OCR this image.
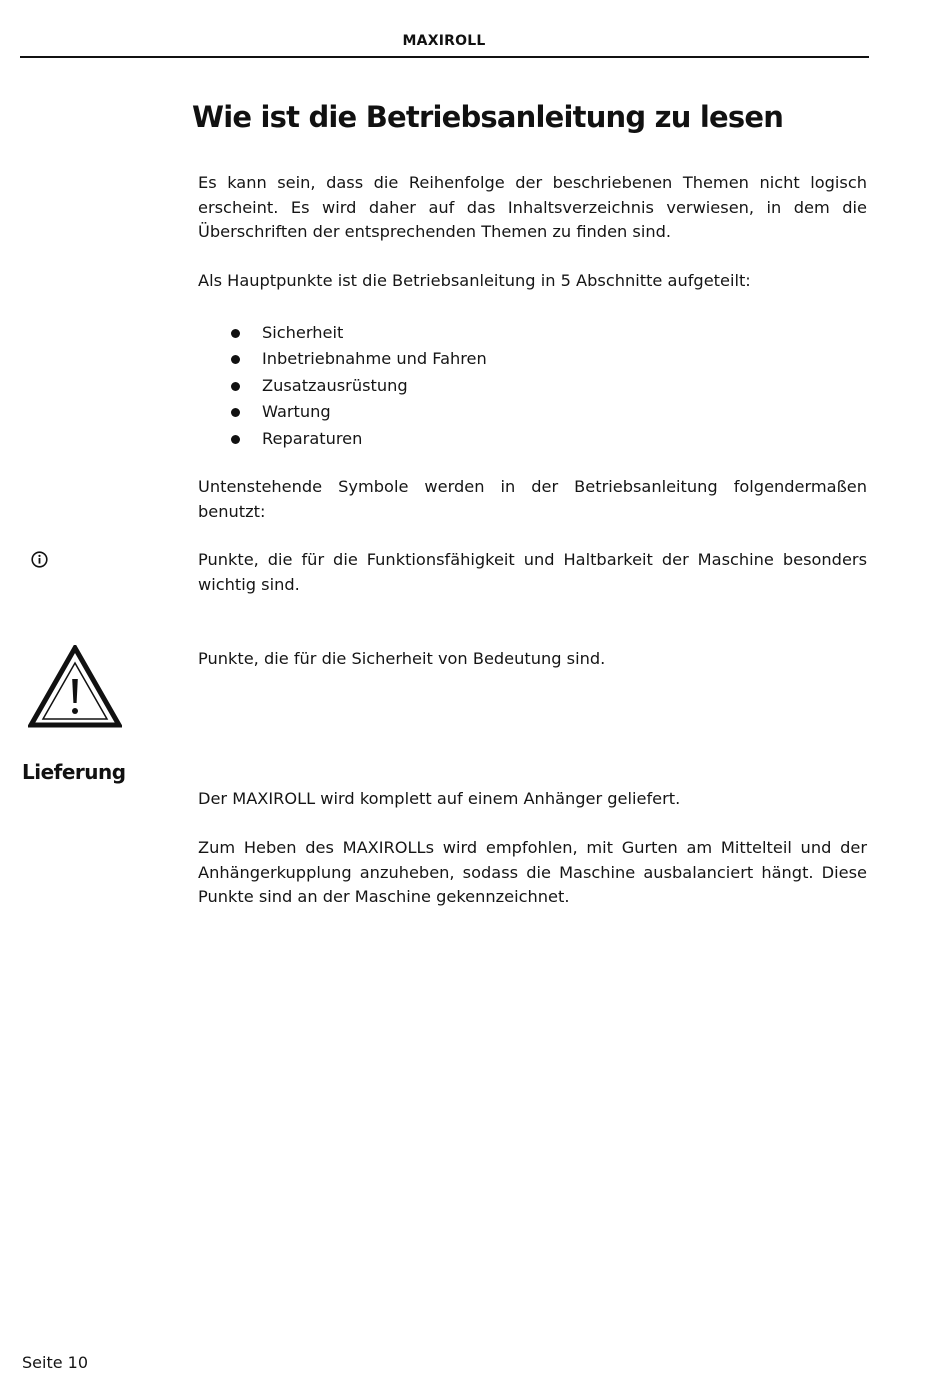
MAXIROLL
Wie ist die Betriebsanleitung zu lesen

Es kann sein, dass die Reihenfolge der beschriebenen Themen nicht logisch erscheint. Es wird daher auf das Inhaltsverzeichnis verwiesen, in dem die Überschriften der entsprechenden Themen zu finden sind.

Als Hauptpunkte ist die Betriebsanleitung in 5 Abschnitte aufgeteilt:

Sicherheit
Inbetriebnahme und Fahren
Zusatzausrüstung
Wartung
Reparaturen

Untenstehende Symbole werden in der Betriebsanleitung folgendermaßen benutzt:

Punkte, die für die Funktionsfähigkeit und Haltbarkeit der Maschine besonders wichtig sind.

Punkte, die für die Sicherheit von Bedeutung sind.

Lieferung

Der MAXIROLL wird komplett auf einem Anhänger geliefert.

Zum Heben des MAXIROLLs wird empfohlen, mit Gurten am Mittelteil und der Anhängerkupplung anzuheben, sodass die Maschine ausbalanciert hängt. Diese Punkte sind an der Maschine gekennzeichnet.

Seite 10
